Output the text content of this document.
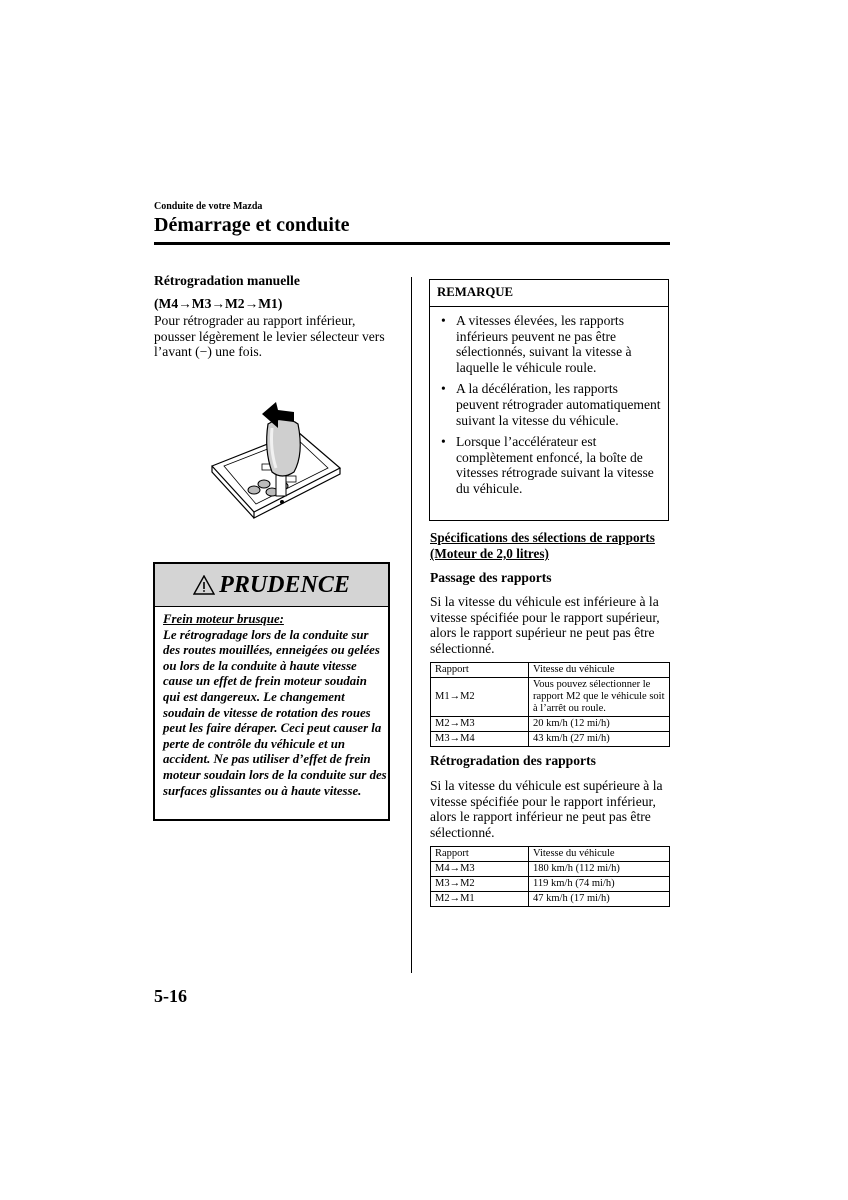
Conduite de votre Mazda
Démarrage et conduite
Rétrogradation manuelle
(M4→M3→M2→M1)
Pour rétrograder au rapport inférieur, pousser légèrement le levier sélecteur vers l’avant (−) une fois.
PRUDENCE
Frein moteur brusque:
Le rétrogradage lors de la conduite sur des routes mouillées, enneigées ou gelées ou lors de la conduite à haute vitesse cause un effet de frein moteur soudain qui est dangereux. Le changement soudain de vitesse de rotation des roues peut les faire déraper. Ceci peut causer la perte de contrôle du véhicule et un accident. Ne pas utiliser d’effet de frein moteur soudain lors de la conduite sur des surfaces glissantes ou à haute vitesse.
REMARQUE
• A vitesses élevées, les rapports inférieurs peuvent ne pas être sélectionnés, suivant la vitesse à laquelle le véhicule roule.
• A la décélération, les rapports peuvent rétrograder automatiquement suivant la vitesse du véhicule.
• Lorsque l’accélérateur est complètement enfoncé, la boîte de vitesses rétrograde suivant la vitesse du véhicule.
Spécifications des sélections de rapports (Moteur de 2,0 litres)
Passage des rapports
Si la vitesse du véhicule est inférieure à la vitesse spécifiée pour le rapport supérieur, alors le rapport supérieur ne peut pas être sélectionné.
Rapport	Vitesse du véhicule
M1→M2	Vous pouvez sélectionner le rapport M2 que le véhicule soit à l’arrêt ou roule.
M2→M3	20 km/h (12 mi/h)
M3→M4	43 km/h (27 mi/h)
Rétrogradation des rapports
Si la vitesse du véhicule est supérieure à la vitesse spécifiée pour le rapport inférieur, alors le rapport inférieur ne peut pas être sélectionné.
Rapport	Vitesse du véhicule
M4→M3	180 km/h (112 mi/h)
M3→M2	119 km/h (74 mi/h)
M2→M1	47 km/h (17 mi/h)
5-16
